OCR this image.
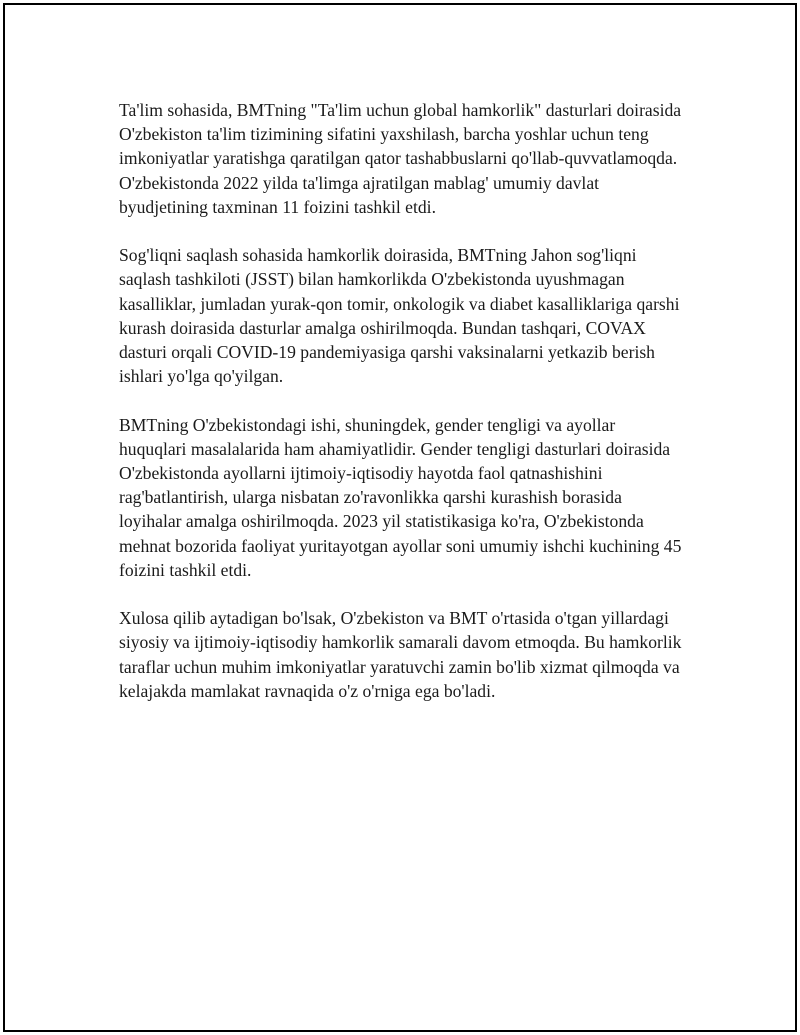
Ta'lim sohasida, BMTning "Ta'lim uchun global hamkorlik" dasturlari doirasida O'zbekiston ta'lim tizimining sifatini yaxshilash, barcha yoshlar uchun teng imkoniyatlar yaratishga qaratilgan qator tashabbuslarni qo'llab-quvvatlamoqda. O'zbekistonda 2022 yilda ta'limga ajratilgan mablag' umumiy davlat byudjetining taxminan 11 foizini tashkil etdi.

Sog'liqni saqlash sohasida hamkorlik doirasida, BMTning Jahon sog'liqni saqlash tashkiloti (JSST) bilan hamkorlikda O'zbekistonda uyushmagan kasalliklar, jumladan yurak-qon tomir, onkologik va diabet kasalliklariga qarshi kurash doirasida dasturlar amalga oshirilmoqda. Bundan tashqari, COVAX dasturi orqali COVID-19 pandemiyasiga qarshi vaksinalarni yetkazib berish ishlari yo'lga qo'yilgan.

BMTning O'zbekistondagi ishi, shuningdek, gender tengligi va ayollar huquqlari masalalarida ham ahamiyatlidir. Gender tengligi dasturlari doirasida O'zbekistonda ayollarni ijtimoiy-iqtisodiy hayotda faol qatnashishini rag'batlantirish, ularga nisbatan zo'ravonlikka qarshi kurashish borasida loyihalar amalga oshirilmoqda. 2023 yil statistikasiga ko'ra, O'zbekistonda mehnat bozorida faoliyat yuritayotgan ayollar soni umumiy ishchi kuchining 45 foizini tashkil etdi.

Xulosa qilib aytadigan bo'lsak, O'zbekiston va BMT o'rtasida o'tgan yillardagi siyosiy va ijtimoiy-iqtisodiy hamkorlik samarali davom etmoqda. Bu hamkorlik taraflar uchun muhim imkoniyatlar yaratuvchi zamin bo'lib xizmat qilmoqda va kelajakda mamlakat ravnaqida o'z o'rniga ega bo'ladi.
